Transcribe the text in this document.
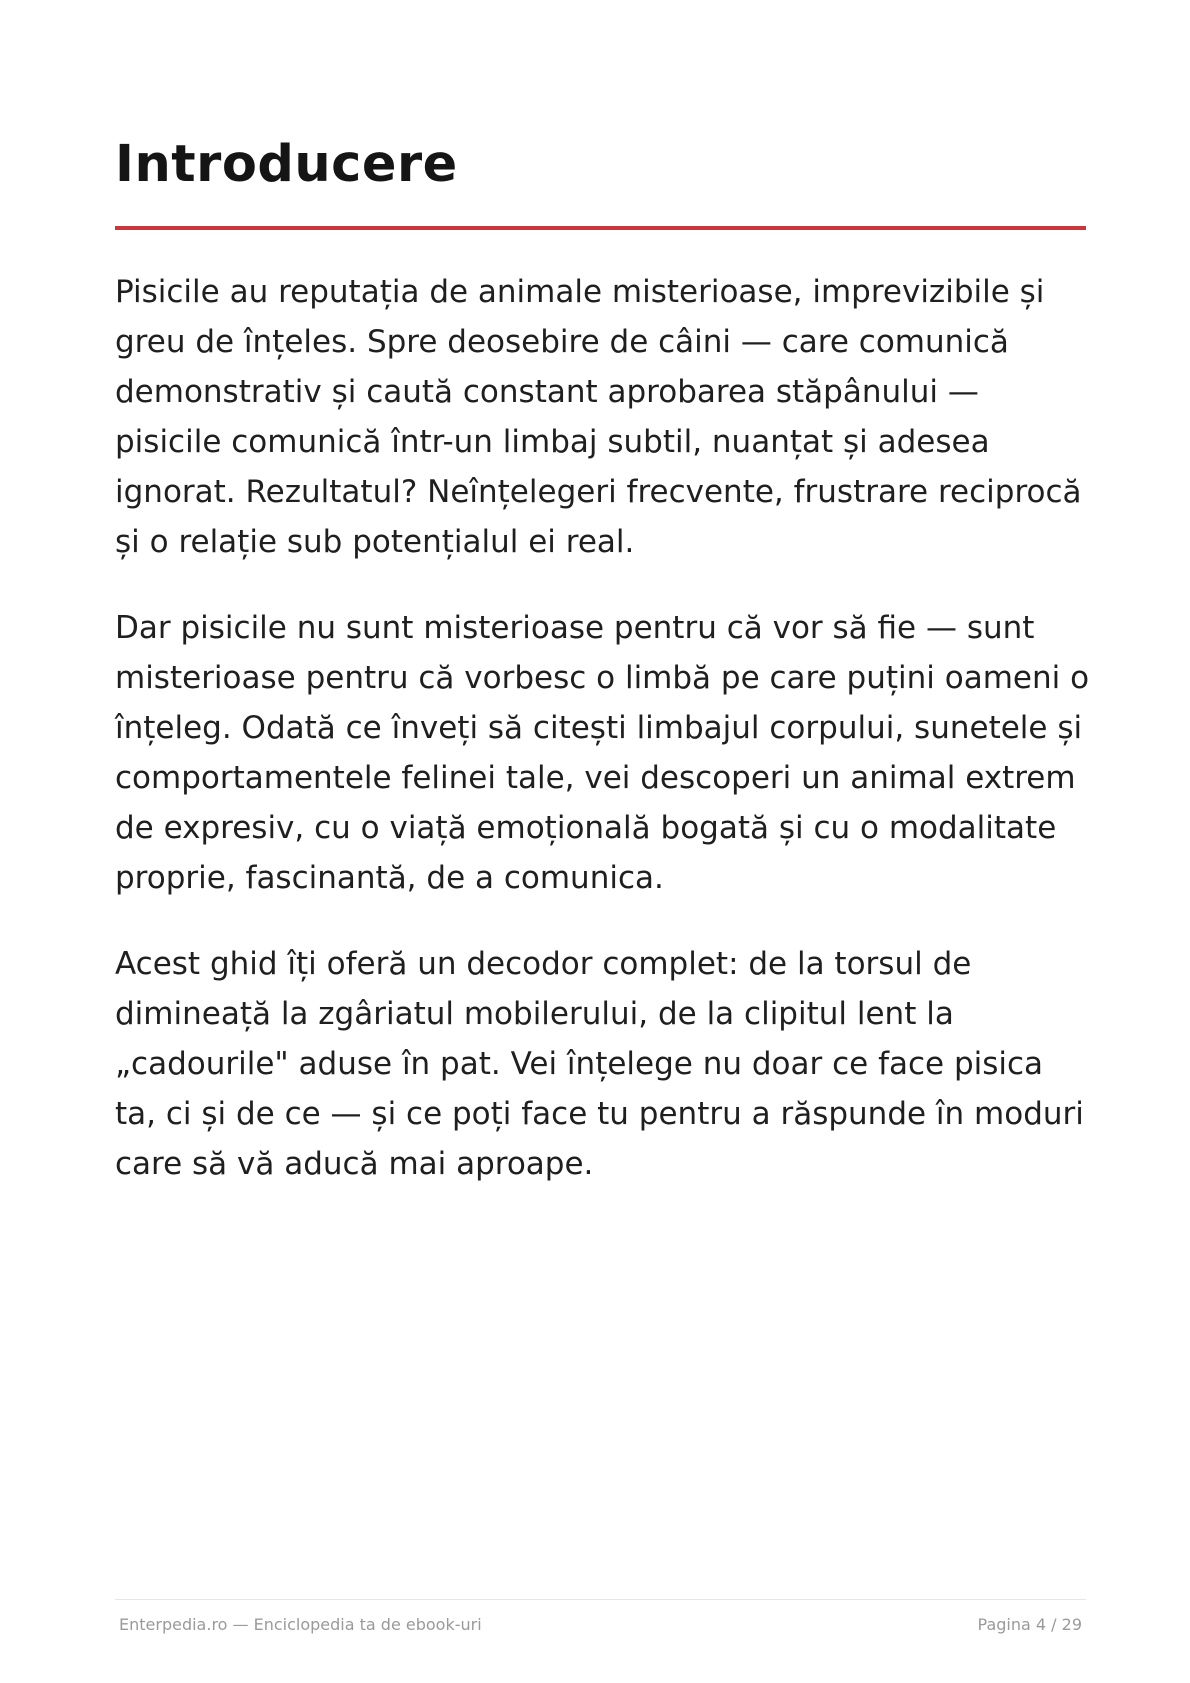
Introducere

Pisicile au reputația de animale misterioase, imprevizibile și greu de înțeles. Spre deosebire de câini — care comunică demonstrativ și caută constant aprobarea stăpânului — pisicile comunică într-un limbaj subtil, nuanțat și adesea ignorat. Rezultatul? Neînțelegeri frecvente, frustrare reciprocă și o relație sub potențialul ei real.

Dar pisicile nu sunt misterioase pentru că vor să fie — sunt misterioase pentru că vorbesc o limbă pe care puțini oameni o înțeleg. Odată ce înveți să citești limbajul corpului, sunetele și comportamentele felinei tale, vei descoperi un animal extrem de expresiv, cu o viață emoțională bogată și cu o modalitate proprie, fascinantă, de a comunica.

Acest ghid îți oferă un decodor complet: de la torsul de dimineață la zgâriatul mobilerului, de la clipitul lent la „cadourile" aduse în pat. Vei înțelege nu doar ce face pisica ta, ci și de ce — și ce poți face tu pentru a răspunde în moduri care să vă aducă mai aproape.

Enterpedia.ro — Enciclopedia ta de ebook-uri	Pagina 4 / 29
